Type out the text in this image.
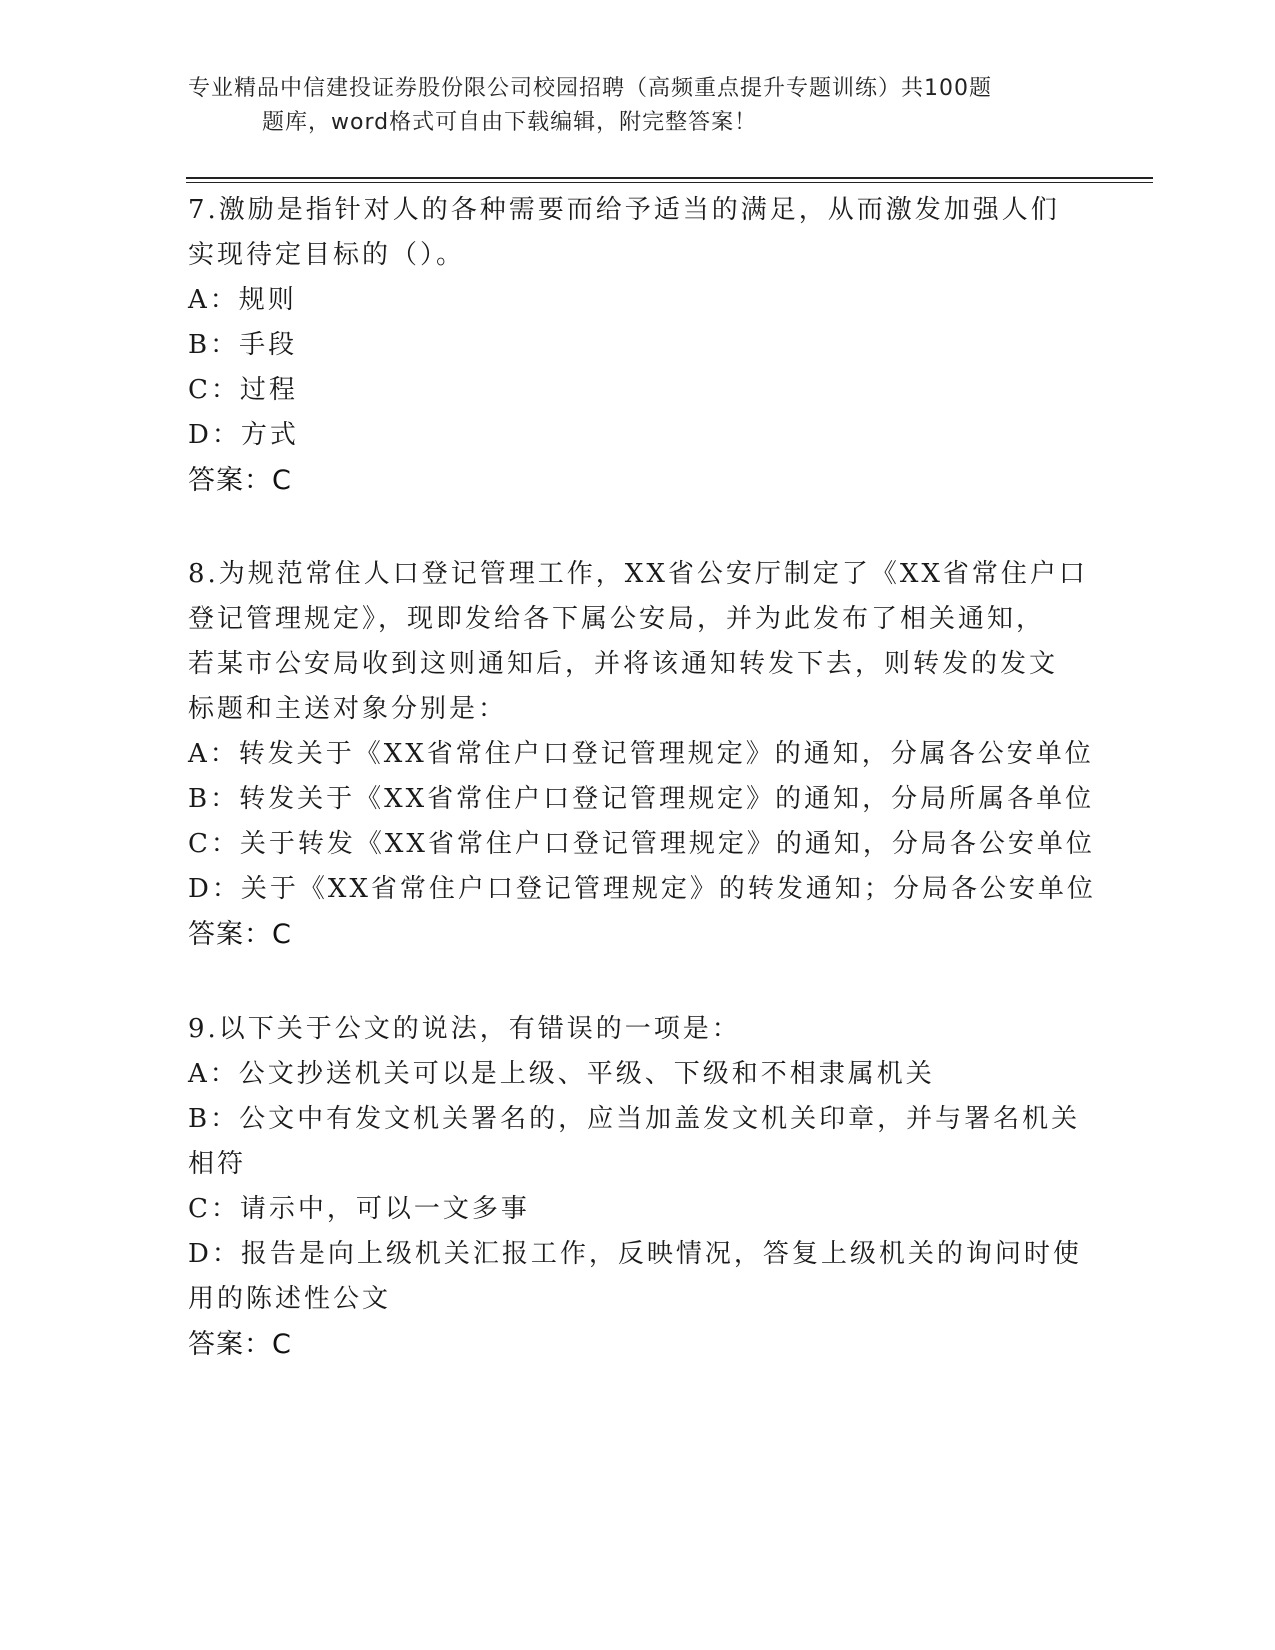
专业精品中信建投证券股份限公司校园招聘（高频重点提升专题训练）共100题
题库，word格式可自由下载编辑，附完整答案！
7.激励是指针对人的各种需要而给予适当的满足，从而激发加强人们
实现待定目标的（）。
A：规则
B：手段
C：过程
D：方式
答案：C
8.为规范常住人口登记管理工作，XX省公安厅制定了《XX省常住户口
登记管理规定》，现即发给各下属公安局，并为此发布了相关通知，
若某市公安局收到这则通知后，并将该通知转发下去，则转发的发文
标题和主送对象分别是：
A：转发关于《XX省常住户口登记管理规定》的通知，分属各公安单位
B：转发关于《XX省常住户口登记管理规定》的通知，分局所属各单位
C：关于转发《XX省常住户口登记管理规定》的通知，分局各公安单位
D：关于《XX省常住户口登记管理规定》的转发通知；分局各公安单位
答案：C
9.以下关于公文的说法，有错误的一项是：
A：公文抄送机关可以是上级、平级、下级和不相隶属机关
B：公文中有发文机关署名的，应当加盖发文机关印章，并与署名机关
相符
C：请示中，可以一文多事
D：报告是向上级机关汇报工作，反映情况，答复上级机关的询问时使
用的陈述性公文
答案：C
